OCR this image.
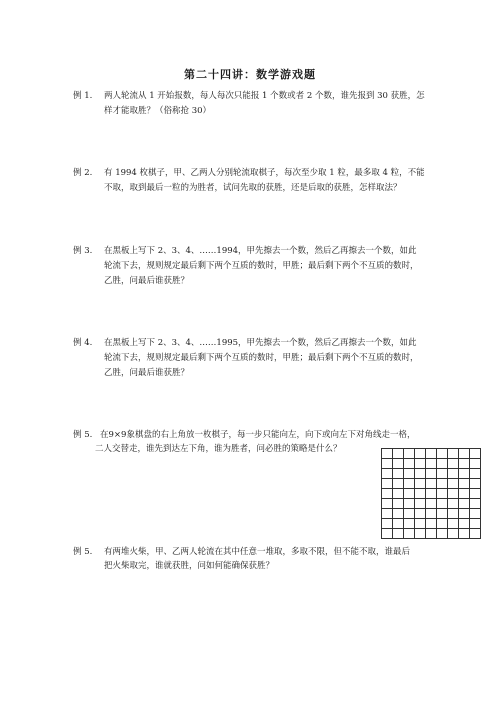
第二十四讲：数学游戏题
例 1. 两人轮流从 1 开始报数，每人每次只能报 1 个数或者 2 个数，谁先报到 30 获胜，怎
样才能取胜？（俗称抢 30）
例 2. 有 1994 枚棋子，甲、乙两人分别轮流取棋子，每次至少取 1 粒，最多取 4 粒，不能
不取，取到最后一粒的为胜者，试问先取的获胜，还是后取的获胜，怎样取法？
例 3. 在黑板上写下 2、3、4、……1994，甲先擦去一个数，然后乙再擦去一个数，如此
轮流下去，规则规定最后剩下两个互质的数时，甲胜；最后剩下两个不互质的数时，
乙胜，问最后谁获胜？
例 4. 在黑板上写下 2、3、4、……1995，甲先擦去一个数，然后乙再擦去一个数，如此
轮流下去，规则规定最后剩下两个互质的数时，甲胜；最后剩下两个不互质的数时，
乙胜，问最后谁获胜？
例 5. 在9×9象棋盘的右上角放一枚棋子，每一步只能向左，向下或向左下对角线走一格，
二人交替走，谁先到达左下角，谁为胜者，问必胜的策略是什么？

例 5. 有两堆火柴，甲、乙两人轮流在其中任意一堆取，多取不限，但不能不取，谁最后
把火柴取完，谁就获胜，问如何能确保获胜？
